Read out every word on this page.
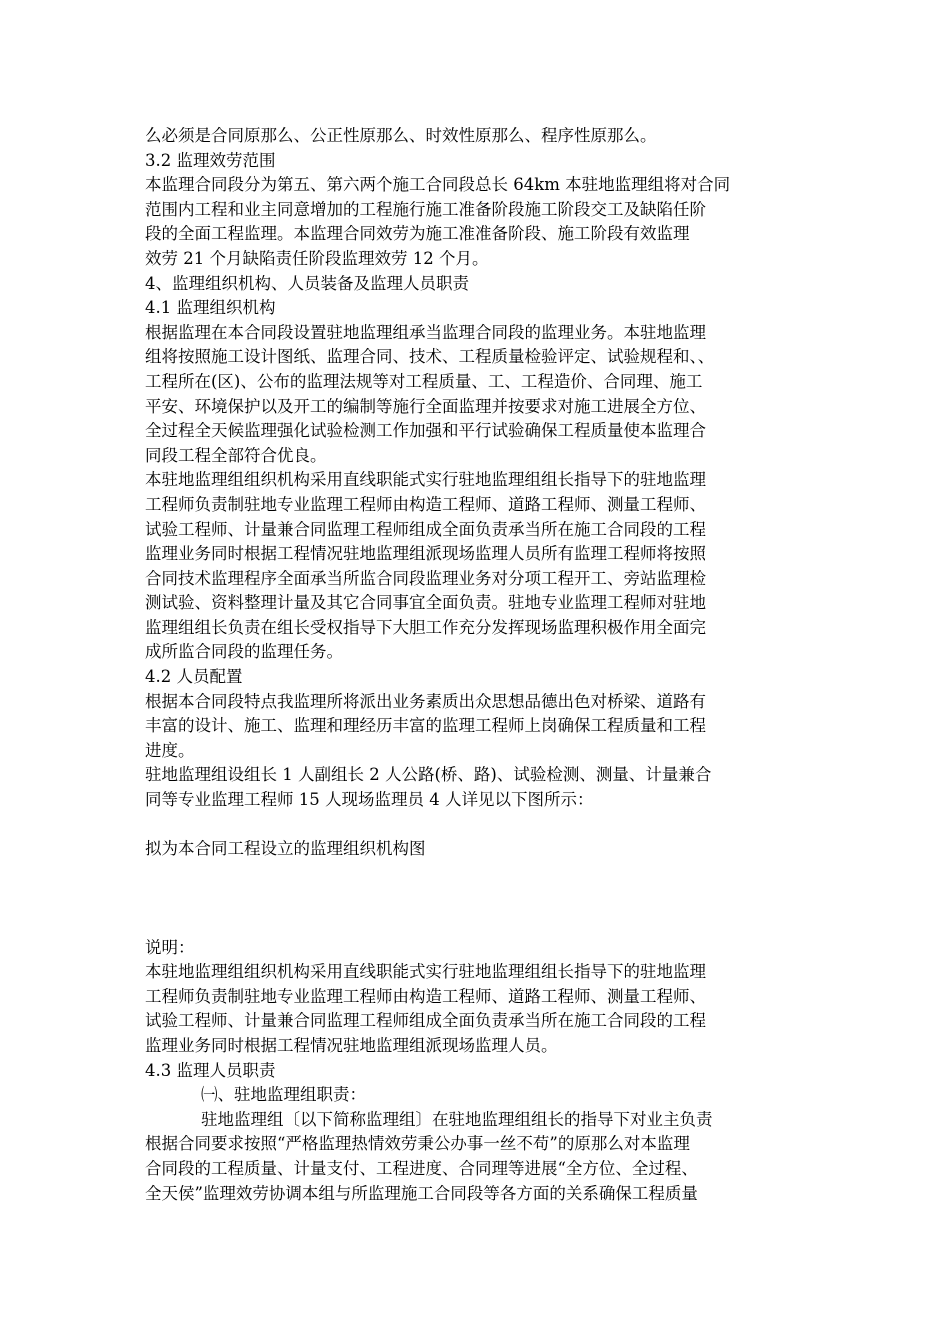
么必须是合同原那么、公正性原那么、时效性原那么、程序性原那么。
3.2 监理效劳范围
本监理合同段分为第五、第六两个施工合同段总长 64km 本驻地监理组将对合同
范围内工程和业主同意增加的工程施行施工准备阶段施工阶段交工及缺陷任阶
段的全面工程监理。本监理合同效劳为施工准准备阶段、施工阶段有效监理
效劳 21 个月缺陷责任阶段监理效劳 12 个月。
4、监理组织机构、人员装备及监理人员职责
4.1 监理组织机构
根据监理在本合同段设置驻地监理组承当监理合同段的监理业务。本驻地监理
组将按照施工设计图纸、监理合同、技术、工程质量检验评定、试验规程和、、
工程所在(区)、公布的监理法规等对工程质量、工、工程造价、合同理、施工
平安、环境保护以及开工的编制等施行全面监理并按要求对施工进展全方位、
全过程全天候监理强化试验检测工作加强和平行试验确保工程质量使本监理合
同段工程全部符合优良。
本驻地监理组组织机构采用直线职能式实行驻地监理组组长指导下的驻地监理
工程师负责制驻地专业监理工程师由构造工程师、道路工程师、测量工程师、
试验工程师、计量兼合同监理工程师组成全面负责承当所在施工合同段的工程
监理业务同时根据工程情况驻地监理组派现场监理人员所有监理工程师将按照
合同技术监理程序全面承当所监合同段监理业务对分项工程开工、旁站监理检
测试验、资料整理计量及其它合同事宜全面负责。驻地专业监理工程师对驻地
监理组组长负责在组长受权指导下大胆工作充分发挥现场监理积极作用全面完
成所监合同段的监理任务。
4.2 人员配置
根据本合同段特点我监理所将派出业务素质出众思想品德出色对桥梁、道路有
丰富的设计、施工、监理和理经历丰富的监理工程师上岗确保工程质量和工程
进度。
驻地监理组设组长 1 人副组长 2 人公路(桥、路)、试验检测、测量、计量兼合
同等专业监理工程师 15 人现场监理员 4 人详见以下图所示：
拟为本合同工程设立的监理组织机构图
说明：
本驻地监理组组织机构采用直线职能式实行驻地监理组组长指导下的驻地监理
工程师负责制驻地专业监理工程师由构造工程师、道路工程师、测量工程师、
试验工程师、计量兼合同监理工程师组成全面负责承当所在施工合同段的工程
监理业务同时根据工程情况驻地监理组派现场监理人员。
4.3 监理人员职责
㈠、驻地监理组职责：
驻地监理组〔以下简称监理组〕在驻地监理组组长的指导下对业主负责
根据合同要求按照“严格监理热情效劳秉公办事一丝不苟”的原那么对本监理
合同段的工程质量、计量支付、工程进度、合同理等进展“全方位、全过程、
全天侯”监理效劳协调本组与所监理施工合同段等各方面的关系确保工程质量
